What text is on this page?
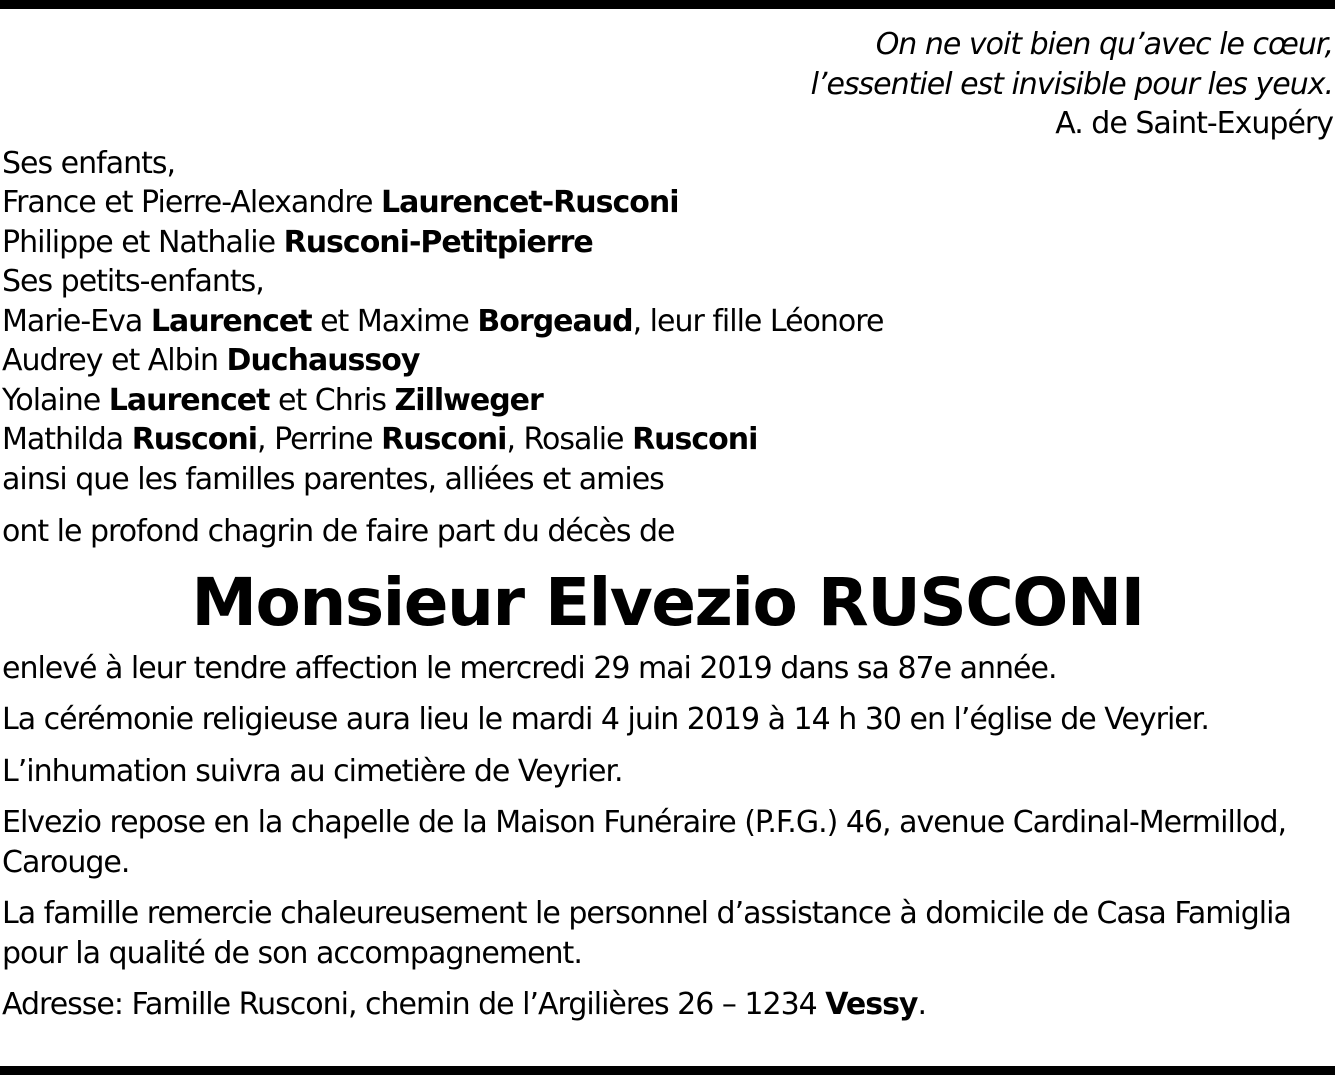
On ne voit bien qu’avec le cœur,
l’essentiel est invisible pour les yeux.
A. de Saint-Exupéry
Ses enfants,
France et Pierre-Alexandre Laurencet-Rusconi
Philippe et Nathalie Rusconi-Petitpierre
Ses petits-enfants,
Marie-Eva Laurencet et Maxime Borgeaud, leur fille Léonore
Audrey et Albin Duchaussoy
Yolaine Laurencet et Chris Zillweger
Mathilda Rusconi, Perrine Rusconi, Rosalie Rusconi
ainsi que les familles parentes, alliées et amies
ont le profond chagrin de faire part du décès de
Monsieur Elvezio RUSCONI
enlevé à leur tendre affection le mercredi 29 mai 2019 dans sa 87e année.
La cérémonie religieuse aura lieu le mardi 4 juin 2019 à 14 h 30 en l’église de Veyrier.
L’inhumation suivra au cimetière de Veyrier.
Elvezio repose en la chapelle de la Maison Funéraire (P.F.G.) 46, avenue Cardinal-Mermillod,
Carouge.
La famille remercie chaleureusement le personnel d’assistance à domicile de Casa Famiglia
pour la qualité de son accompagnement.
Adresse: Famille Rusconi, chemin de l’Argilières 26 – 1234 Vessy.
